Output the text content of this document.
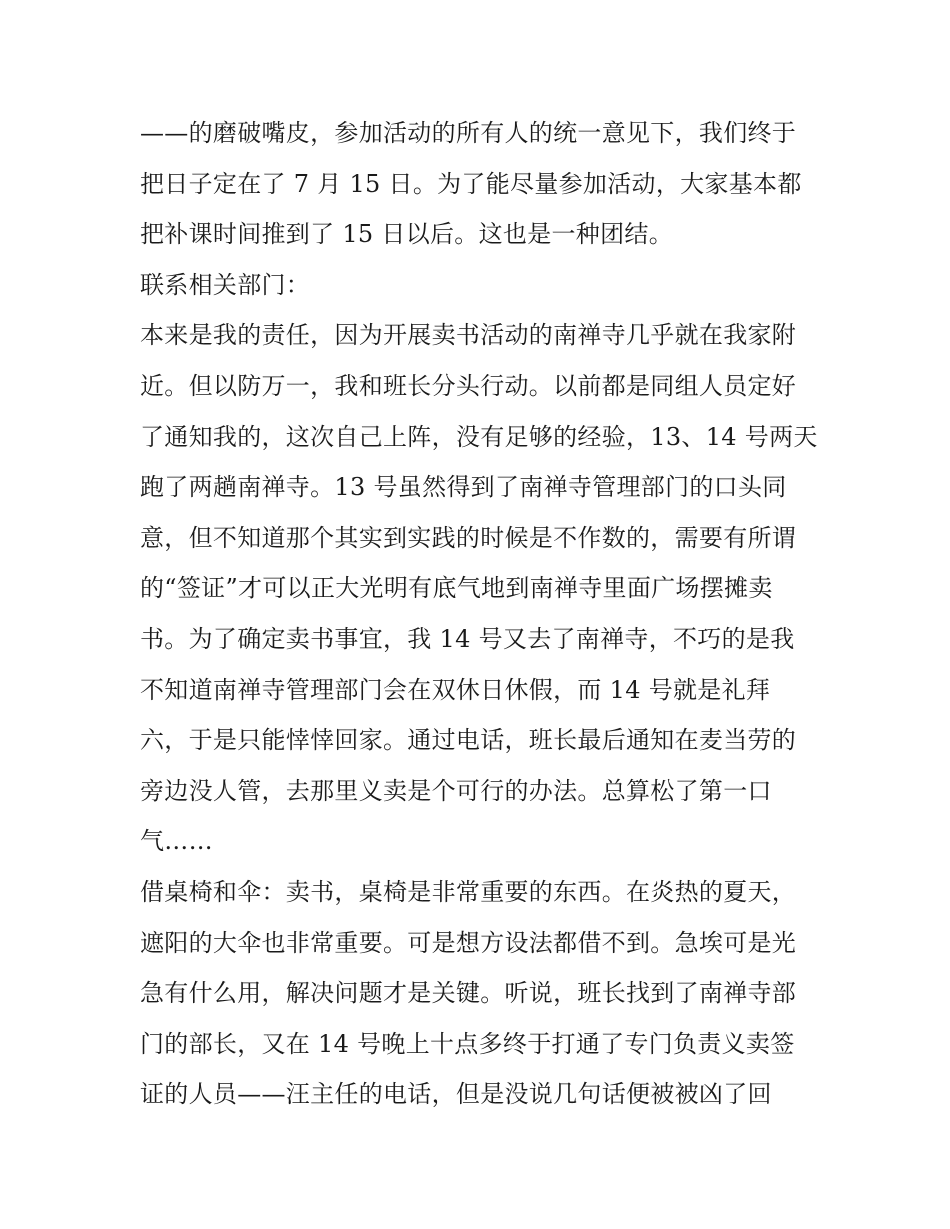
——的磨破嘴皮，参加活动的所有人的统一意见下，我们终于
把日子定在了 7 月 15 日。为了能尽量参加活动，大家基本都
把补课时间推到了 15 日以后。这也是一种团结。
联系相关部门：
本来是我的责任，因为开展卖书活动的南禅寺几乎就在我家附
近。但以防万一，我和班长分头行动。以前都是同组人员定好
了通知我的，这次自己上阵，没有足够的经验，13、14 号两天
跑了两趟南禅寺。13 号虽然得到了南禅寺管理部门的口头同
意，但不知道那个其实到实践的时候是不作数的，需要有所谓
的“签证”才可以正大光明有底气地到南禅寺里面广场摆摊卖
书。为了确定卖书事宜，我 14 号又去了南禅寺，不巧的是我
不知道南禅寺管理部门会在双休日休假，而 14 号就是礼拜
六，于是只能悻悻回家。通过电话，班长最后通知在麦当劳的
旁边没人管，去那里义卖是个可行的办法。总算松了第一口
气……
借桌椅和伞：卖书，桌椅是非常重要的东西。在炎热的夏天，
遮阳的大伞也非常重要。可是想方设法都借不到。急埃可是光
急有什么用，解决问题才是关键。听说，班长找到了南禅寺部
门的部长，又在 14 号晚上十点多终于打通了专门负责义卖签
证的人员——汪主任的电话，但是没说几句话便被被凶了回
